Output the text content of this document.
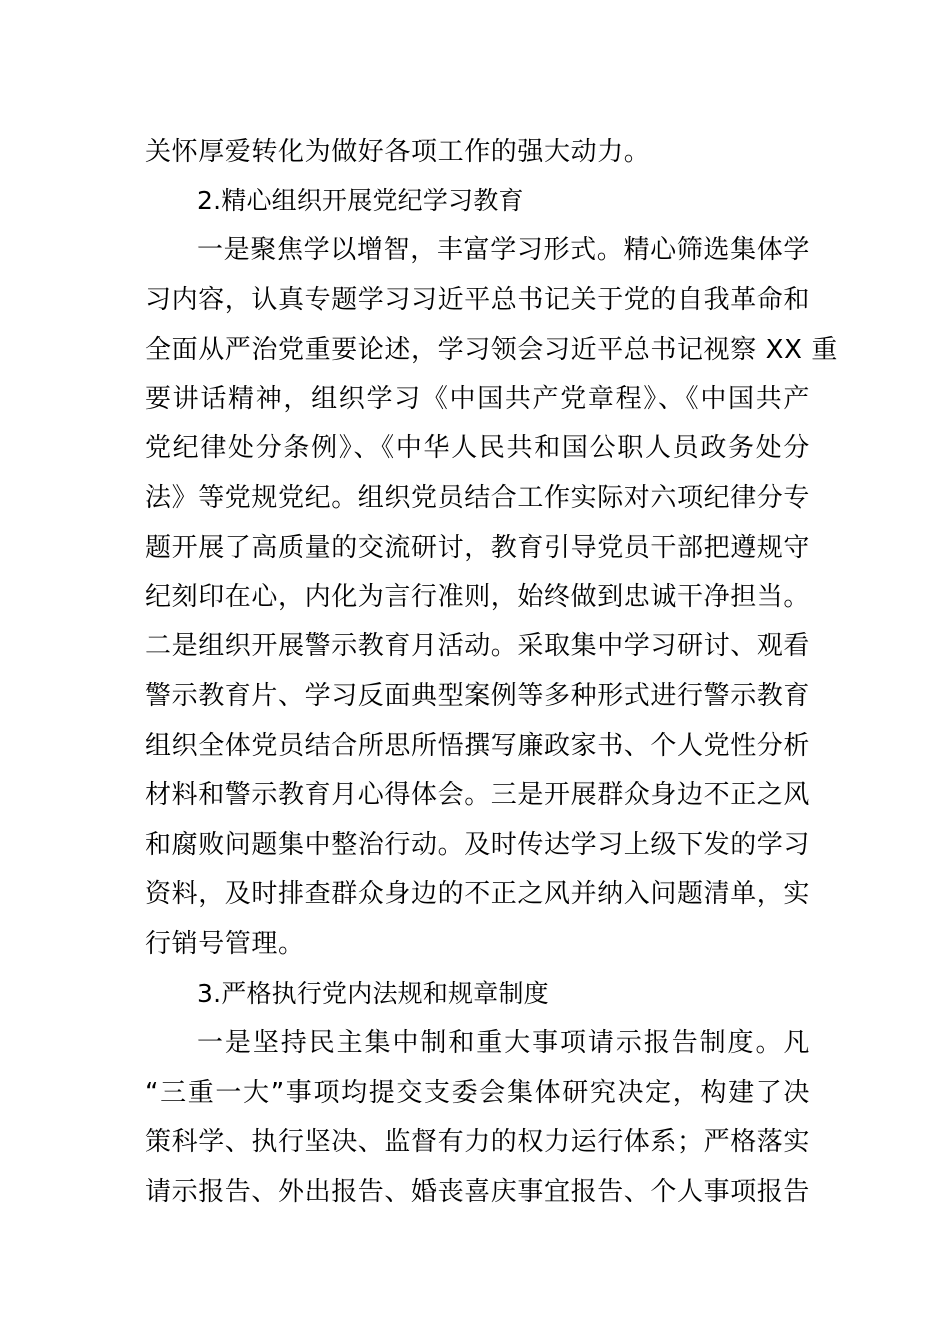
关怀厚爱转化为做好各项工作的强大动力。
2.精心组织开展党纪学习教育
一是聚焦学以增智，丰富学习形式。精心筛选集体学
习内容，认真专题学习习近平总书记关于党的自我革命和
全面从严治党重要论述，学习领会习近平总书记视察 XX 重
要讲话精神，组织学习《中国共产党章程》、《中国共产
党纪律处分条例》、《中华人民共和国公职人员政务处分
法》等党规党纪。组织党员结合工作实际对六项纪律分专
题开展了高质量的交流研讨，教育引导党员干部把遵规守
纪刻印在心，内化为言行准则，始终做到忠诚干净担当。
二是组织开展警示教育月活动。采取集中学习研讨、观看
警示教育片、学习反面典型案例等多种形式进行警示教育
组织全体党员结合所思所悟撰写廉政家书、个人党性分析
材料和警示教育月心得体会。三是开展群众身边不正之风
和腐败问题集中整治行动。及时传达学习上级下发的学习
资料，及时排查群众身边的不正之风并纳入问题清单，实
行销号管理。
3.严格执行党内法规和规章制度
一是坚持民主集中制和重大事项请示报告制度。凡
“三重一大”事项均提交支委会集体研究决定，构建了决
策科学、执行坚决、监督有力的权力运行体系；严格落实
请示报告、外出报告、婚丧喜庆事宜报告、个人事项报告
